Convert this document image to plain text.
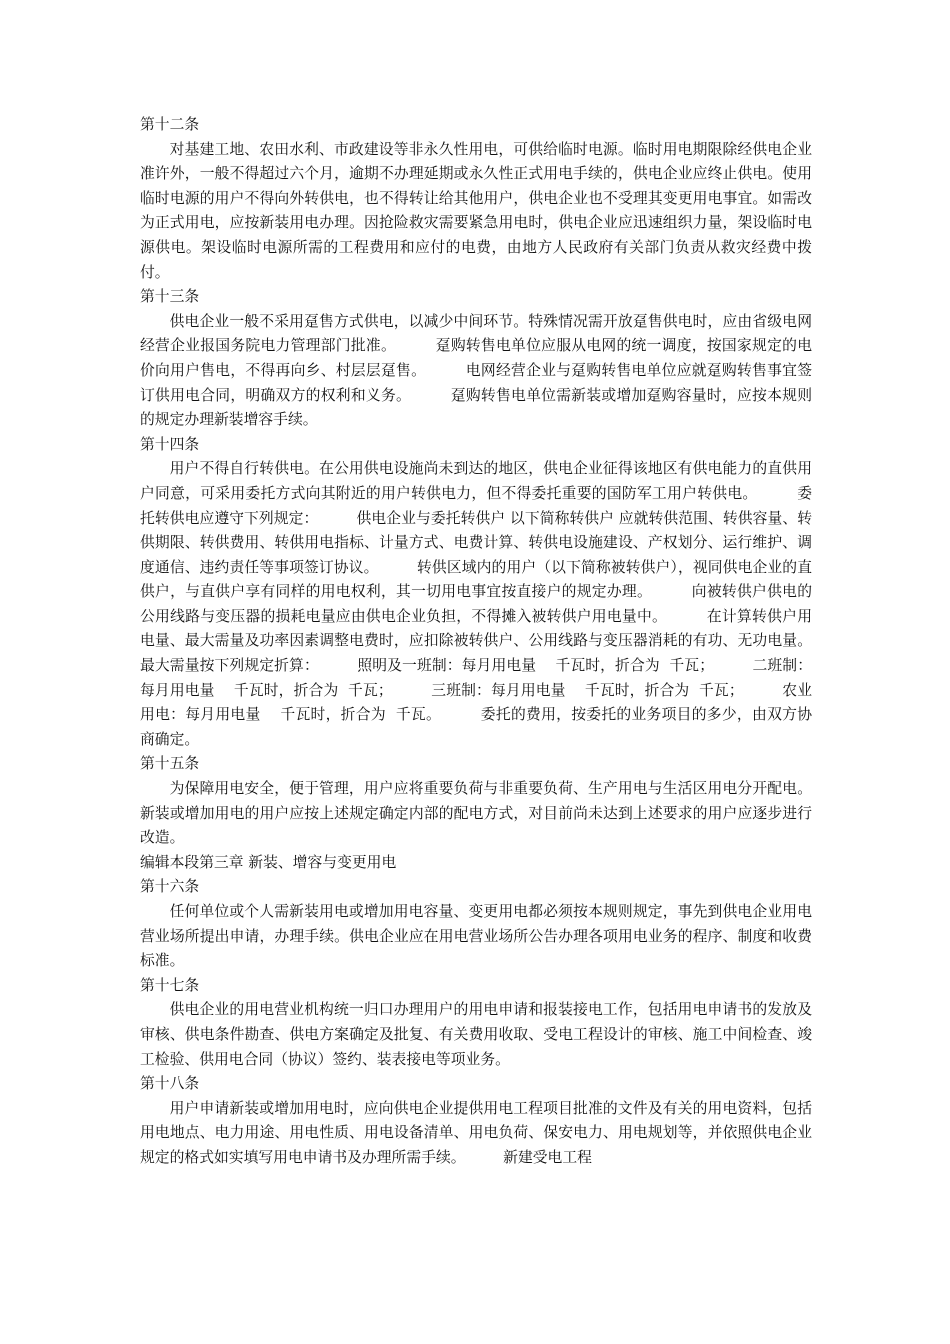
第十二条
对基建工地、农田水利、市政建设等非永久性用电，可供给临时电源。临时用电期限除经供电企业准许外，一般不得超过六个月，逾期不办理延期或永久性正式用电手续的，供电企业应终止供电。使用临时电源的用户不得向外转供电，也不得转让给其他用户，供电企业也不受理其变更用电事宜。如需改为正式用电，应按新装用电办理。因抢险救灾需要紧急用电时，供电企业应迅速组织力量，架设临时电源供电。架设临时电源所需的工程费用和应付的电费，由地方人民政府有关部门负责从救灾经费中拨付。
第十三条
供电企业一般不采用趸售方式供电，以减少中间环节。特殊情况需开放趸售供电时，应由省级电网经营企业报国务院电力管理部门批准。        趸购转售电单位应服从电网的统一调度，按国家规定的电价向用户售电，不得再向乡、村层层趸售。        电网经营企业与趸购转售电单位应就趸购转售事宜签订供用电合同，明确双方的权利和义务。        趸购转售电单位需新装或增加趸购容量时，应按本规则的规定办理新装增容手续。
第十四条
用户不得自行转供电。在公用供电设施尚未到达的地区，供电企业征得该地区有供电能力的直供用户同意，可采用委托方式向其附近的用户转供电力，但不得委托重要的国防军工用户转供电。        委托转供电应遵守下列规定：        供电企业与委托转供户 以下简称转供户 应就转供范围、转供容量、转供期限、转供费用、转供用电指标、计量方式、电费计算、转供电设施建设、产权划分、运行维护、调度通信、违约责任等事项签订协议。        转供区域内的用户（以下简称被转供户），视同供电企业的直供户，与直供户享有同样的用电权利，其一切用电事宜按直接户的规定办理。        向被转供户供电的公用线路与变压器的损耗电量应由供电企业负担，不得摊入被转供户用电量中。        在计算转供户用电量、最大需量及功率因素调整电费时，应扣除被转供户、公用线路与变压器消耗的有功、无功电量。最大需量按下列规定折算：        照明及一班制：每月用电量    千瓦时，折合为  千瓦；        二班制：每月用电量    千瓦时，折合为  千瓦；        三班制：每月用电量    千瓦时，折合为  千瓦；        农业用电：每月用电量    千瓦时，折合为  千瓦。        委托的费用，按委托的业务项目的多少，由双方协商确定。
第十五条
为保障用电安全，便于管理，用户应将重要负荷与非重要负荷、生产用电与生活区用电分开配电。        新装或增加用电的用户应按上述规定确定内部的配电方式，对目前尚未达到上述要求的用户应逐步进行改造。
编辑本段第三章 新装、增容与变更用电
第十六条
任何单位或个人需新装用电或增加用电容量、变更用电都必须按本规则规定，事先到供电企业用电营业场所提出申请，办理手续。供电企业应在用电营业场所公告办理各项用电业务的程序、制度和收费标准。
第十七条
供电企业的用电营业机构统一归口办理用户的用电申请和报装接电工作，包括用电申请书的发放及审核、供电条件勘查、供电方案确定及批复、有关费用收取、受电工程设计的审核、施工中间检查、竣工检验、供用电合同（协议）签约、装表接电等项业务。
第十八条
用户申请新装或增加用电时，应向供电企业提供用电工程项目批准的文件及有关的用电资料，包括用电地点、电力用途、用电性质、用电设备清单、用电负荷、保安电力、用电规划等，并依照供电企业规定的格式如实填写用电申请书及办理所需手续。        新建受电工程
